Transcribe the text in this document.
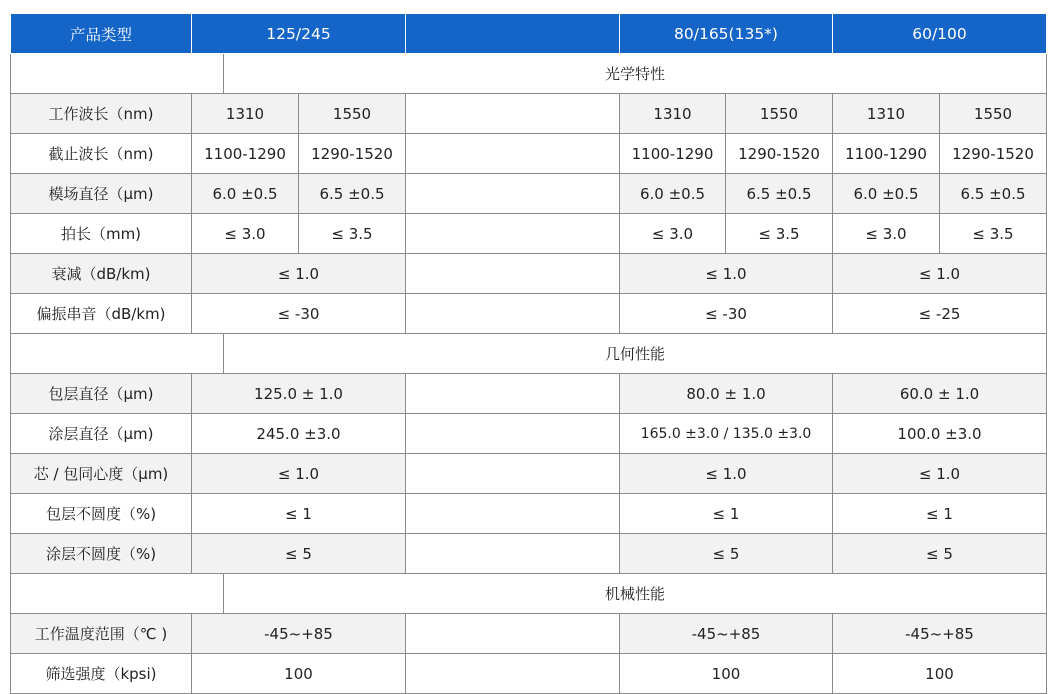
产品类型	125/245				80/165(135*)		60/100	
		光学特性						
工作波长（nm)	1310		1550		1310	1550	1310	1550
截止波长（nm)	1100-1290		1290-1520		1100-1290	1290-1520	1100-1290	1290-1520
模场直径（μm)	6.0 ±0.5		6.5 ±0.5		6.0 ±0.5	6.5 ±0.5	6.0 ±0.5	6.5 ±0.5
拍长（mm)	≤ 3.0		≤ 3.5		≤ 3.0	≤ 3.5	≤ 3.0	≤ 3.5
衰减（dB/km)	≤ 1.0				≤ 1.0		≤ 1.0	
偏振串音（dB/km)	≤ -30				≤ -30		≤ -25	
		几何性能						
包层直径（μm)	125.0 ± 1.0				80.0 ± 1.0		60.0 ± 1.0	
涂层直径（μm)	245.0 ±3.0				165.0 ±3.0 / 135.0 ±3.0		100.0 ±3.0	
芯 / 包同心度（μm)	≤ 1.0				≤ 1.0		≤ 1.0	
包层不圆度（%)	≤ 1				≤ 1		≤ 1	
涂层不圆度（%)	≤ 5				≤ 5		≤ 5	
		机械性能						
工作温度范围（℃ )	-45~+85				-45~+85		-45~+85	
筛选强度（kpsi)	100				100		100	
